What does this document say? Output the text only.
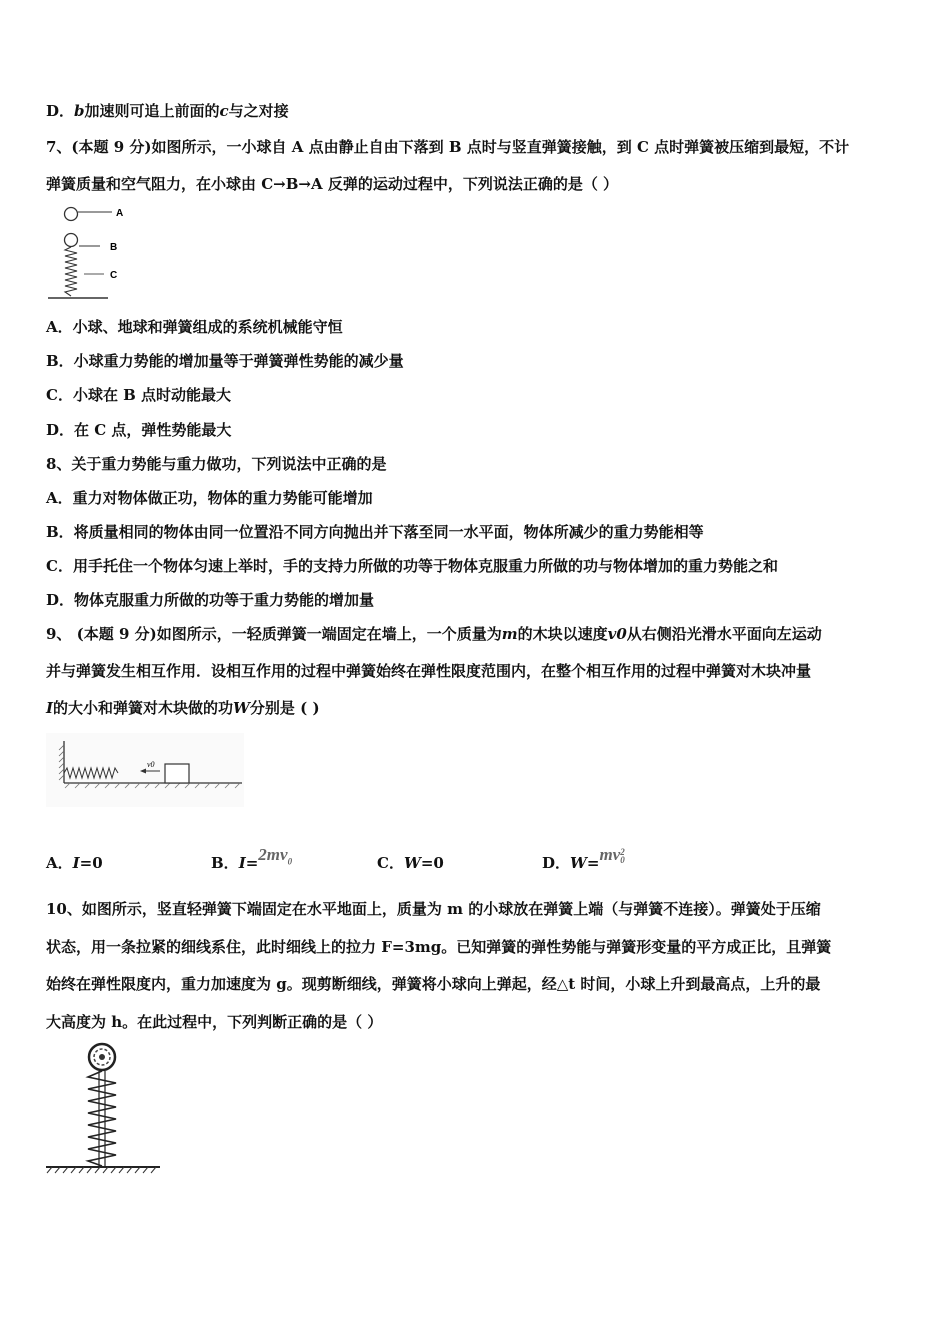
D．b加速则可追上前面的c与之对接
7、(本题 9 分)如图所示，一小球自 A 点由静止自由下落到 B 点时与竖直弹簧接触，到 C 点时弹簧被压缩到最短，不计
弹簧质量和空气阻力，在小球由 C→B→A 反弹的运动过程中，下列说法正确的是（ ）
A
B
C
A．小球、地球和弹簧组成的系统机械能守恒
B．小球重力势能的增加量等于弹簧弹性势能的减少量
C．小球在 B 点时动能最大
D．在 C 点，弹性势能最大
8、关于重力势能与重力做功，下列说法中正确的是
A．重力对物体做正功，物体的重力势能可能增加
B．将质量相同的物体由同一位置沿不同方向抛出并下落至同一水平面，物体所减少的重力势能相等
C．用手托住一个物体匀速上举时，手的支持力所做的功等于物体克服重力所做的功与物体增加的重力势能之和
D．物体克服重力所做的功等于重力势能的增加量
9、 (本题 9 分)如图所示，一轻质弹簧一端固定在墙上，一个质量为m的木块以速度v0从右侧沿光滑水平面向左运动
并与弹簧发生相互作用．设相互作用的过程中弹簧始终在弹性限度范围内，在整个相互作用的过程中弹簧对木块冲量
I的大小和弹簧对木块做的功W分别是 ( )
v0
A．I=0	B．$I=2mv_0$	C．W=0	D．W=mv 2
0
10、如图所示，竖直轻弹簧下端固定在水平地面上，质量为 m 的小球放在弹簧上端（与弹簧不连接）。弹簧处于压缩
状态，用一条拉紧的细线系住，此时细线上的拉力 F=3mg。已知弹簧的弹性势能与弹簧形变量的平方成正比，且弹簧
始终在弹性限度内，重力加速度为 g。现剪断细线，弹簧将小球向上弹起，经△t 时间，小球上升到最高点，上升的最
大高度为 h。在此过程中，下列判断正确的是（ ）
